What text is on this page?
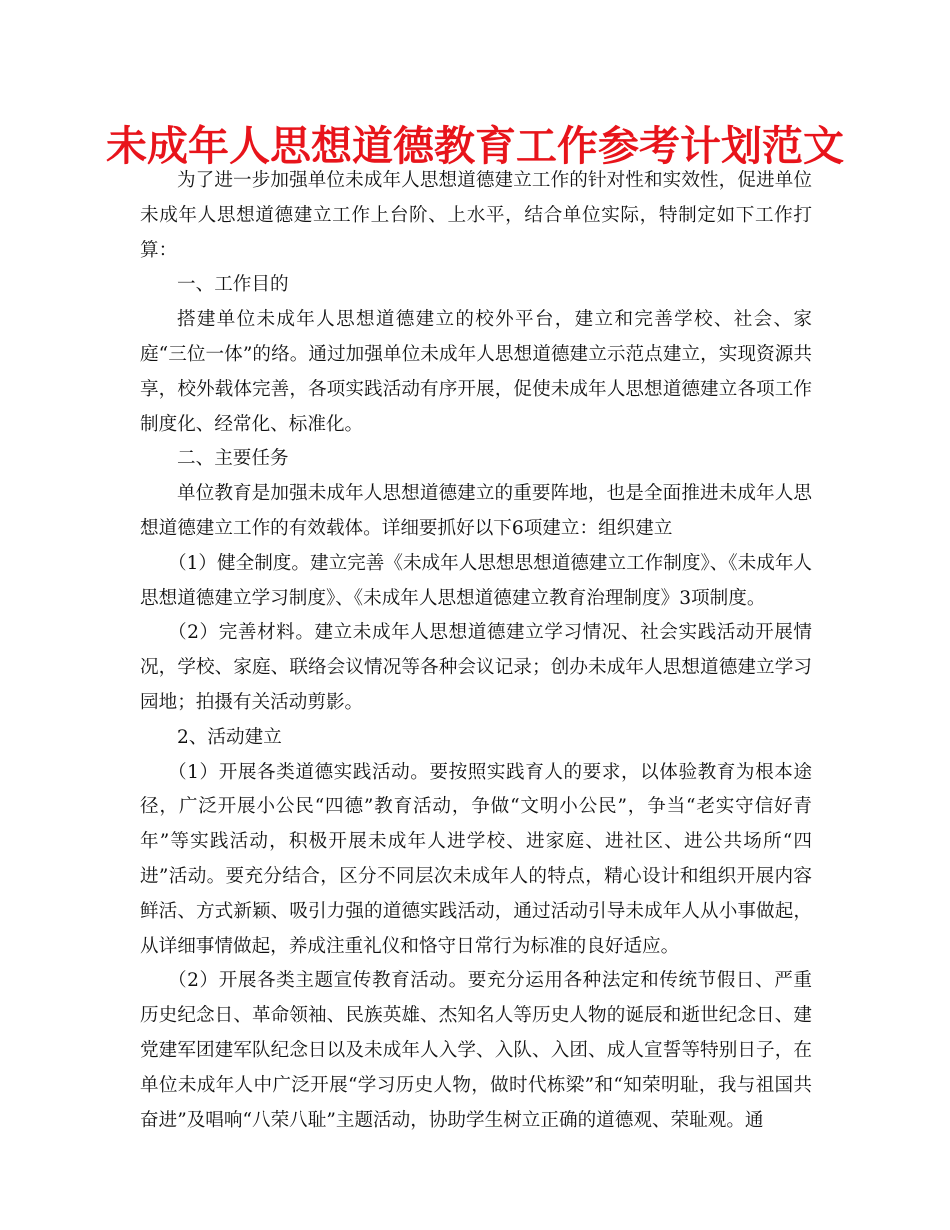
未成年人思想道德教育工作参考计划范文

为了进一步加强单位未成年人思想道德建立工作的针对性和实效性，促进单位未成年人思想道德建立工作上台阶、上水平，结合单位实际，特制定如下工作打算：

一、工作目的

搭建单位未成年人思想道德建立的校外平台，建立和完善学校、社会、家庭“三位一体”的络。通过加强单位未成年人思想道德建立示范点建立，实现资源共享，校外载体完善，各项实践活动有序开展，促使未成年人思想道德建立各项工作制度化、经常化、标准化。

二、主要任务

单位教育是加强未成年人思想道德建立的重要阵地，也是全面推进未成年人思想道德建立工作的有效载体。详细要抓好以下6项建立：组织建立

（1）健全制度。建立完善《未成年人思想思想道德建立工作制度》、《未成年人思想道德建立学习制度》、《未成年人思想道德建立教育治理制度》3项制度。

（2）完善材料。建立未成年人思想道德建立学习情况、社会实践活动开展情况，学校、家庭、联络会议情况等各种会议记录；创办未成年人思想道德建立学习园地；拍摄有关活动剪影。

2、活动建立

（1）开展各类道德实践活动。要按照实践育人的要求，以体验教育为根本途径，广泛开展小公民“四德”教育活动，争做“文明小公民”，争当“老实守信好青年”等实践活动，积极开展未成年人进学校、进家庭、进社区、进公共场所“四进”活动。要充分结合，区分不同层次未成年人的特点，精心设计和组织开展内容鲜活、方式新颖、吸引力强的道德实践活动，通过活动引导未成年人从小事做起，从详细事情做起，养成注重礼仪和恪守日常行为标准的良好适应。

（2）开展各类主题宣传教育活动。要充分运用各种法定和传统节假日、严重历史纪念日、革命领袖、民族英雄、杰知名人等历史人物的诞辰和逝世纪念日、建党建军团建军队纪念日以及未成年人入学、入队、入团、成人宣誓等特别日子，在单位未成年人中广泛开展“学习历史人物，做时代栋梁”和“知荣明耻，我与祖国共奋进”及唱响“八荣八耻”主题活动，协助学生树立正确的道德观、荣耻观。通
